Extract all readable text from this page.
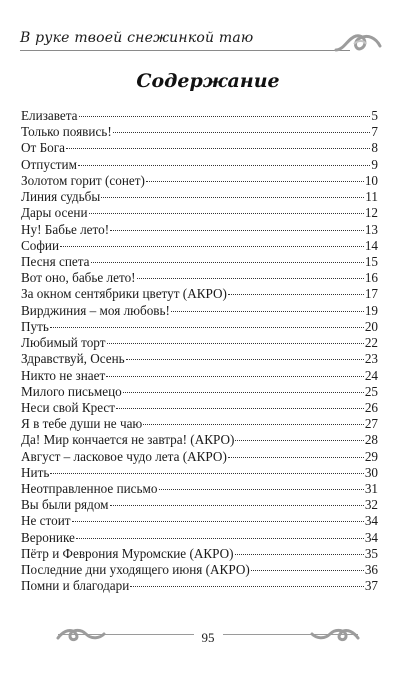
В руке твоей снежинкой таю
Содержание
Елизавета	5
Только появись!	7
От Бога	8
Отпустим	9
Золотом горит (сонет)	10
Линия судьбы	11
Дары осени	12
Ну! Бабье лето!	13
Софии	14
Песня спета	15
Вот оно, бабье лето!	16
За окном сентябрики цветут (АКРО)	17
Вирджиния – моя любовь!	19
Путь	20
Любимый торт	22
Здравствуй, Осень	23
Никто не знает	24
Милого письмецо	25
Неси свой Крест	26
Я в тебе души не чаю	27
Да! Мир кончается не завтра! (АКРО)	28
Август – ласковое чудо лета (АКРО)	29
Нить	30
Неотправленное письмо	31
Вы были рядом	32
Не стоит	34
Веронике	34
Пётр и Феврония Муромские (АКРО)	35
Последние дни уходящего июня (АКРО)	36
Помни и благодари	37
95
